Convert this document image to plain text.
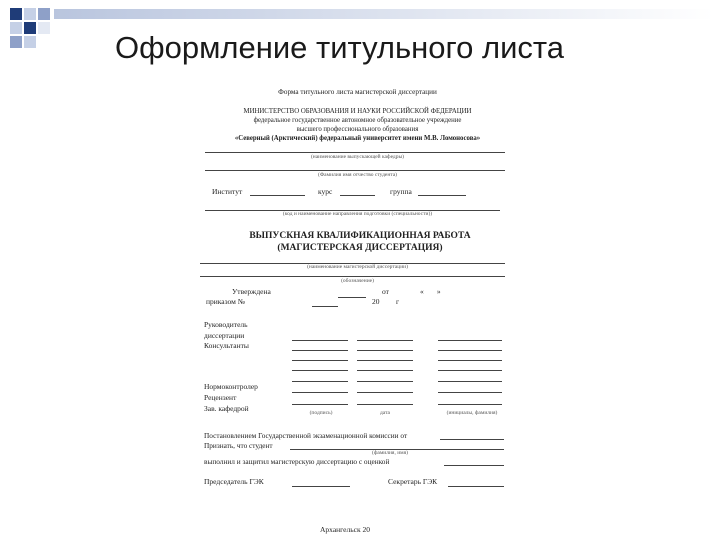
Оформление титульного листа
Форма титульного листа магистерской диссертации
МИНИСТЕРСТВО ОБРАЗОВАНИЯ И НАУКИ РОССИЙСКОЙ ФЕДЕРАЦИИ
федеральное государственное автономное образовательное учреждение
высшего профессионального образования
«Северный (Арктический) федеральный университет имени М.В. Ломоносова»
(наименование выпускающей кафедры)
(Фамилия имя отчество студента)
Институт	курс	группа
(код и наименование направления подготовки (специальности))
ВЫПУСКНАЯ КВАЛИФИКАЦИОННАЯ РАБОТА
(МАГИСТЕРСКАЯ ДИССЕРТАЦИЯ)
(наименование магистерской диссертации)
(обозначение)
Утверждена	от	«       »
приказом №	20 г
Руководитель
диссертации
Консультанты
Нормоконтролер
Рецензент
Зав. кафедрой	(подпись)	дата	(инициалы, фамилия)
Постановлением Государственной экзаменационной комиссии от
Признать, что студент
(фамилия, имя)
выполнил и защитил магистерскую диссертацию с оценкой
Председатель ГЭК	Секретарь ГЭК
Архангельск 20
